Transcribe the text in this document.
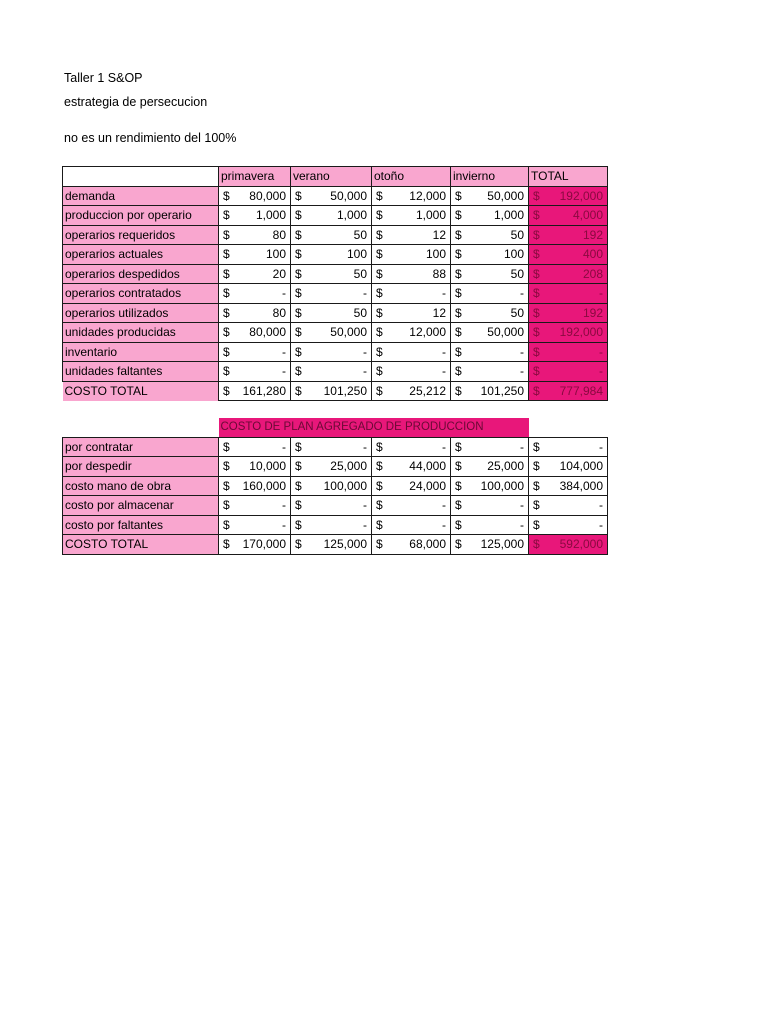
Taller 1 S&OP
estrategia de persecucion
no es un rendimiento del 100%
	primavera	verano	otoño	invierno	TOTAL
demanda	$ 80,000	$ 50,000	$ 12,000	$ 50,000	$ 192,000

produccion por operario	$ 1,000	$ 1,000	$ 1,000	$ 1,000	$ 4,000

operarios requeridos	$ 80	$ 50	$ 12	$ 50	$ 192

operarios actuales	$ 100	$ 100	$ 100	$ 100	$ 400

operarios despedidos	$ 20	$ 50	$ 88	$ 50	$ 208

operarios contratados	$ -	$ -	$ -	$ -	$ -

operarios utilizados	$ 80	$ 50	$ 12	$ 50	$ 192

unidades producidas	$ 80,000	$ 50,000	$ 12,000	$ 50,000	$ 192,000

inventario	$ -	$ -	$ -	$ -	$ -

unidades faltantes	$ -	$ -	$ -	$ -	$ -

COSTO TOTAL	$ 161,280	$ 101,250	$ 25,212	$ 101,250	$ 777,984
	COSTO DE PLAN AGREGADO DE PRODUCCION				
por contratar	$ -	$ -	$ -	$ -	$ -

por despedir	$ 10,000	$ 25,000	$ 44,000	$ 25,000	$ 104,000

costo mano de obra	$ 160,000	$ 100,000	$ 24,000	$ 100,000	$ 384,000

costo por almacenar	$ -	$ -	$ -	$ -	$ -

costo por faltantes	$ -	$ -	$ -	$ -	$ -

COSTO TOTAL	$ 170,000	$ 125,000	$ 68,000	$ 125,000	$ 592,000
